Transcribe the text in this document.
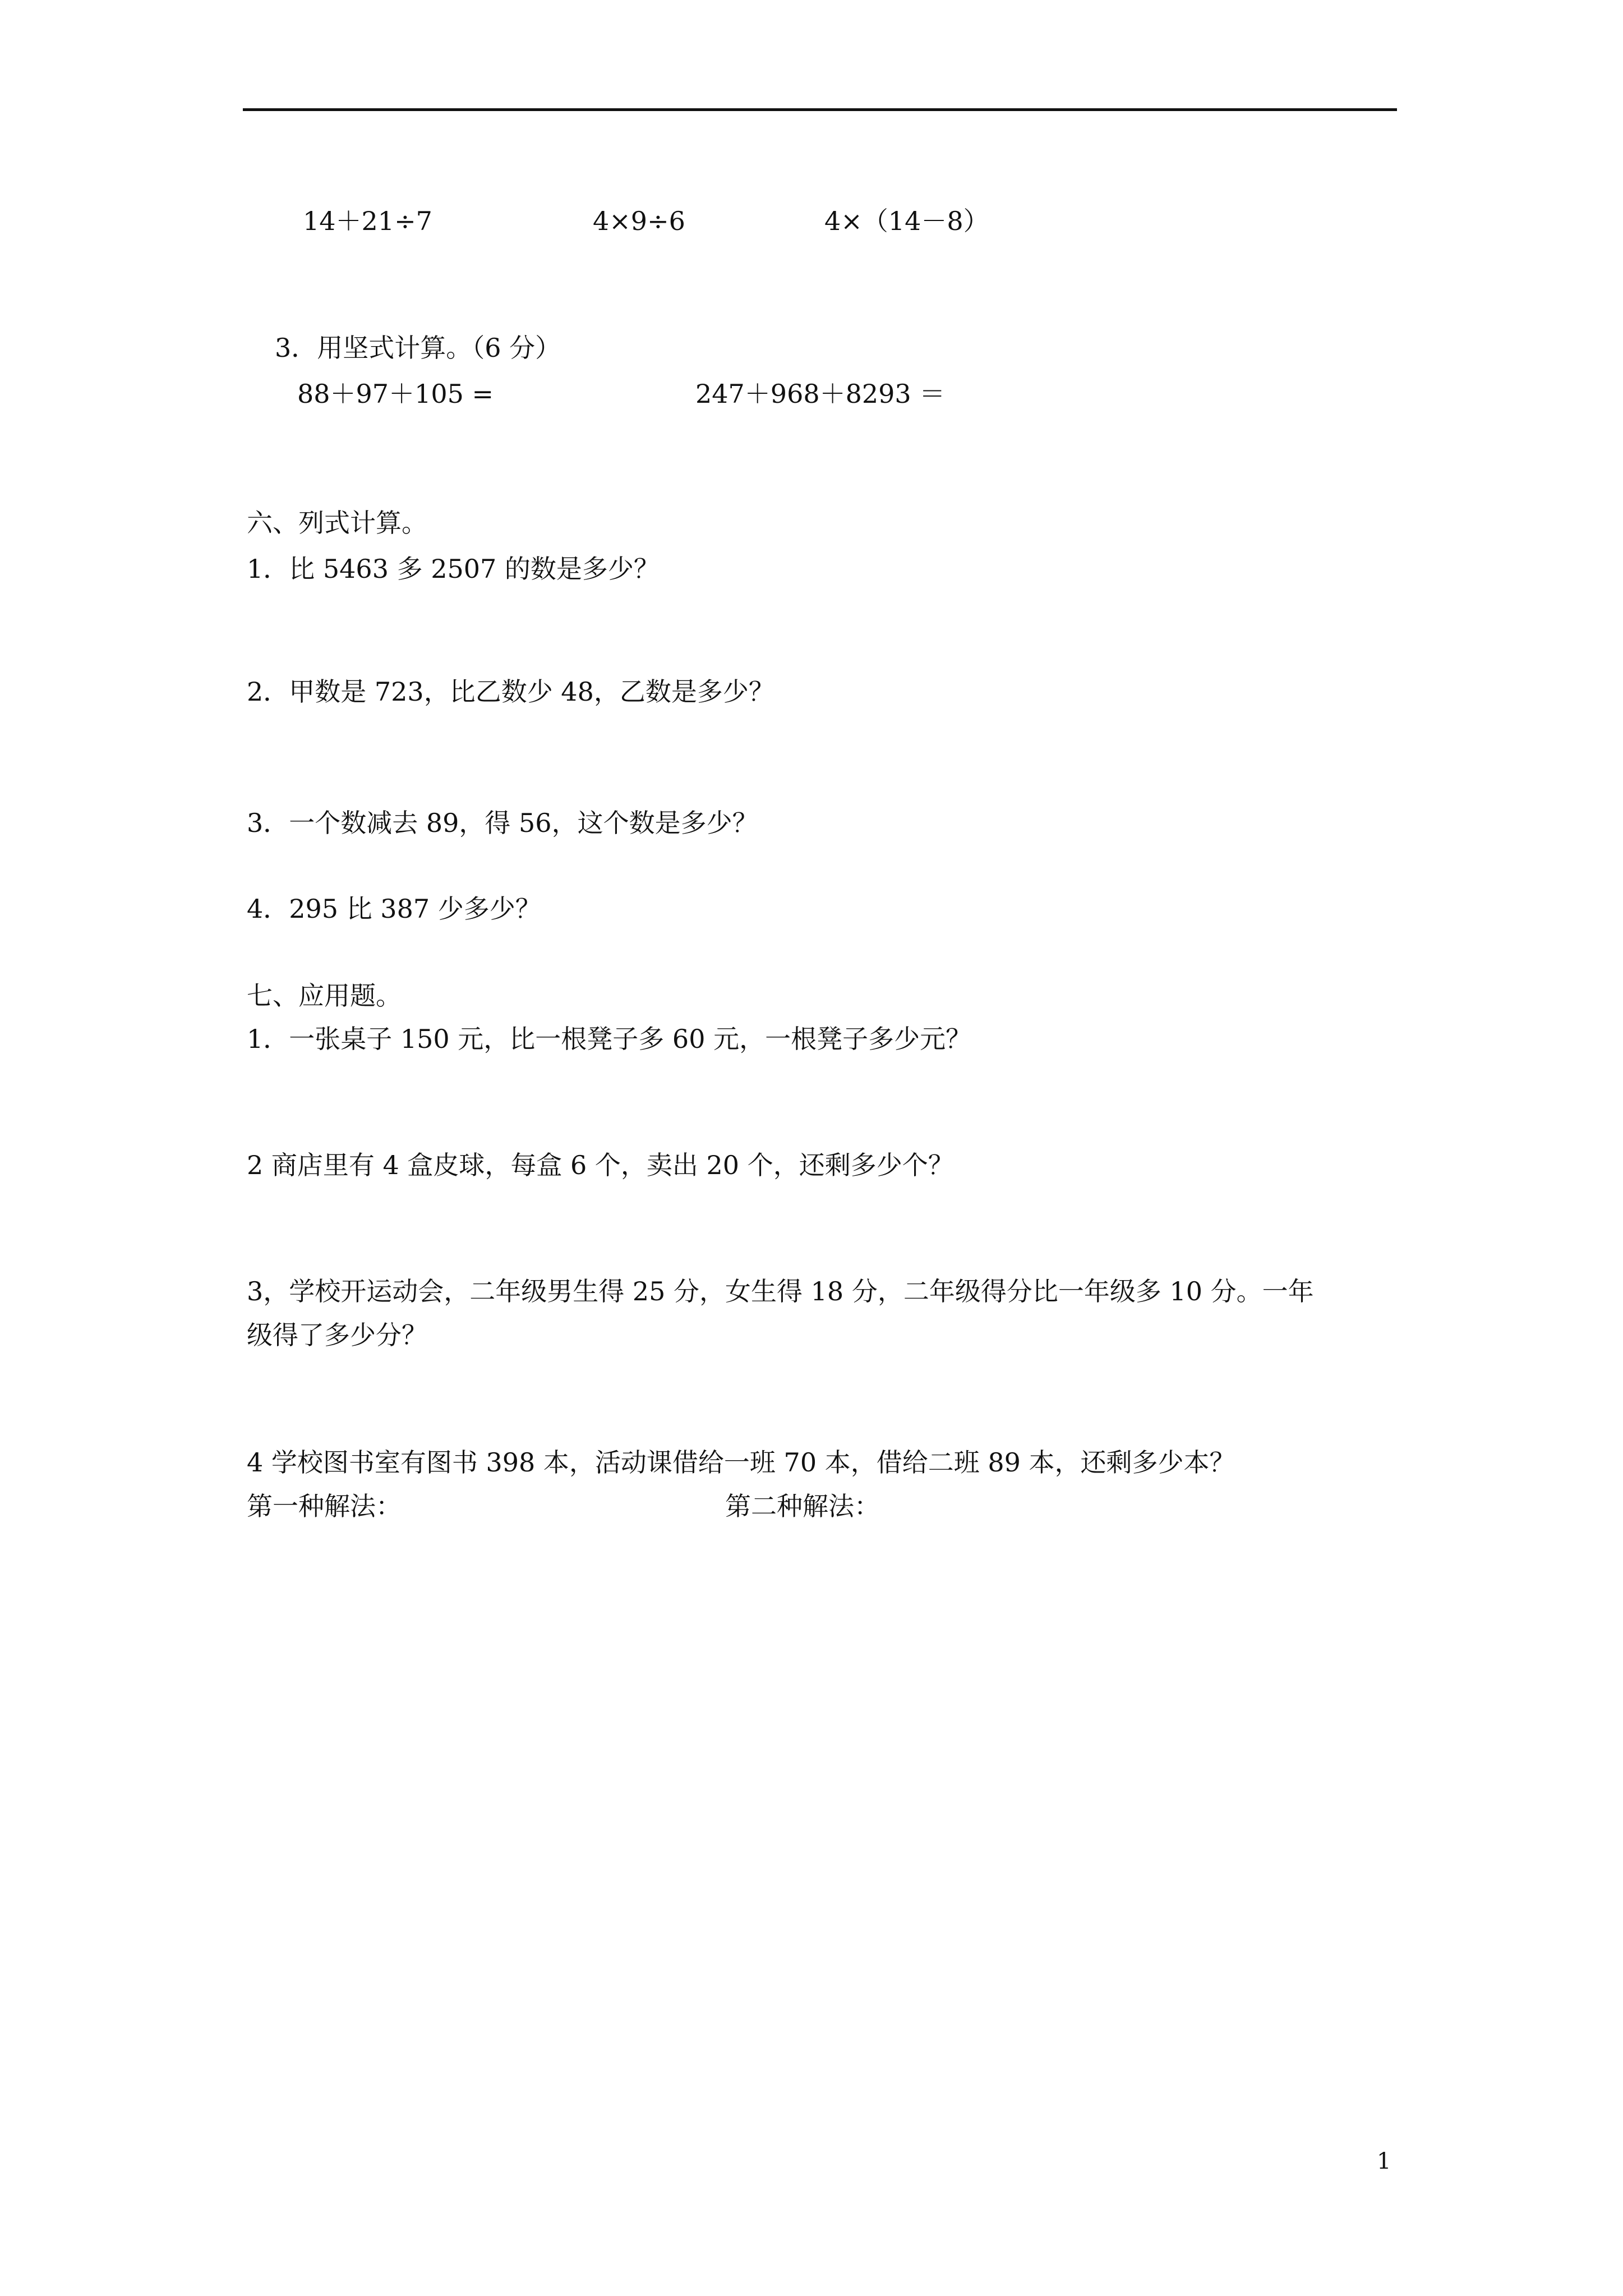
14＋21÷7	4×9÷6	4×（14－8）
3．用坚式计算。（6 分）
88＋97＋105 =	247＋968＋8293 ＝
六、列式计算。
1．比 5463 多 2507 的数是多少？
2．甲数是 723，比乙数少 48，乙数是多少？
3．一个数减去 89，得 56，这个数是多少？
4．295 比 387 少多少？
七、应用题。
1．一张桌子 150 元，比一根凳子多 60 元，一根凳子多少元？
2 商店里有 4 盒皮球，每盒 6 个，卖出 20 个，还剩多少个？
3，学校开运动会，二年级男生得 25 分，女生得 18 分，二年级得分比一年级多 10 分。一年
级得了多少分？
4 学校图书室有图书 398 本，活动课借给一班 70 本，借给二班 89 本，还剩多少本？
第一种解法：	第二种解法：
1
